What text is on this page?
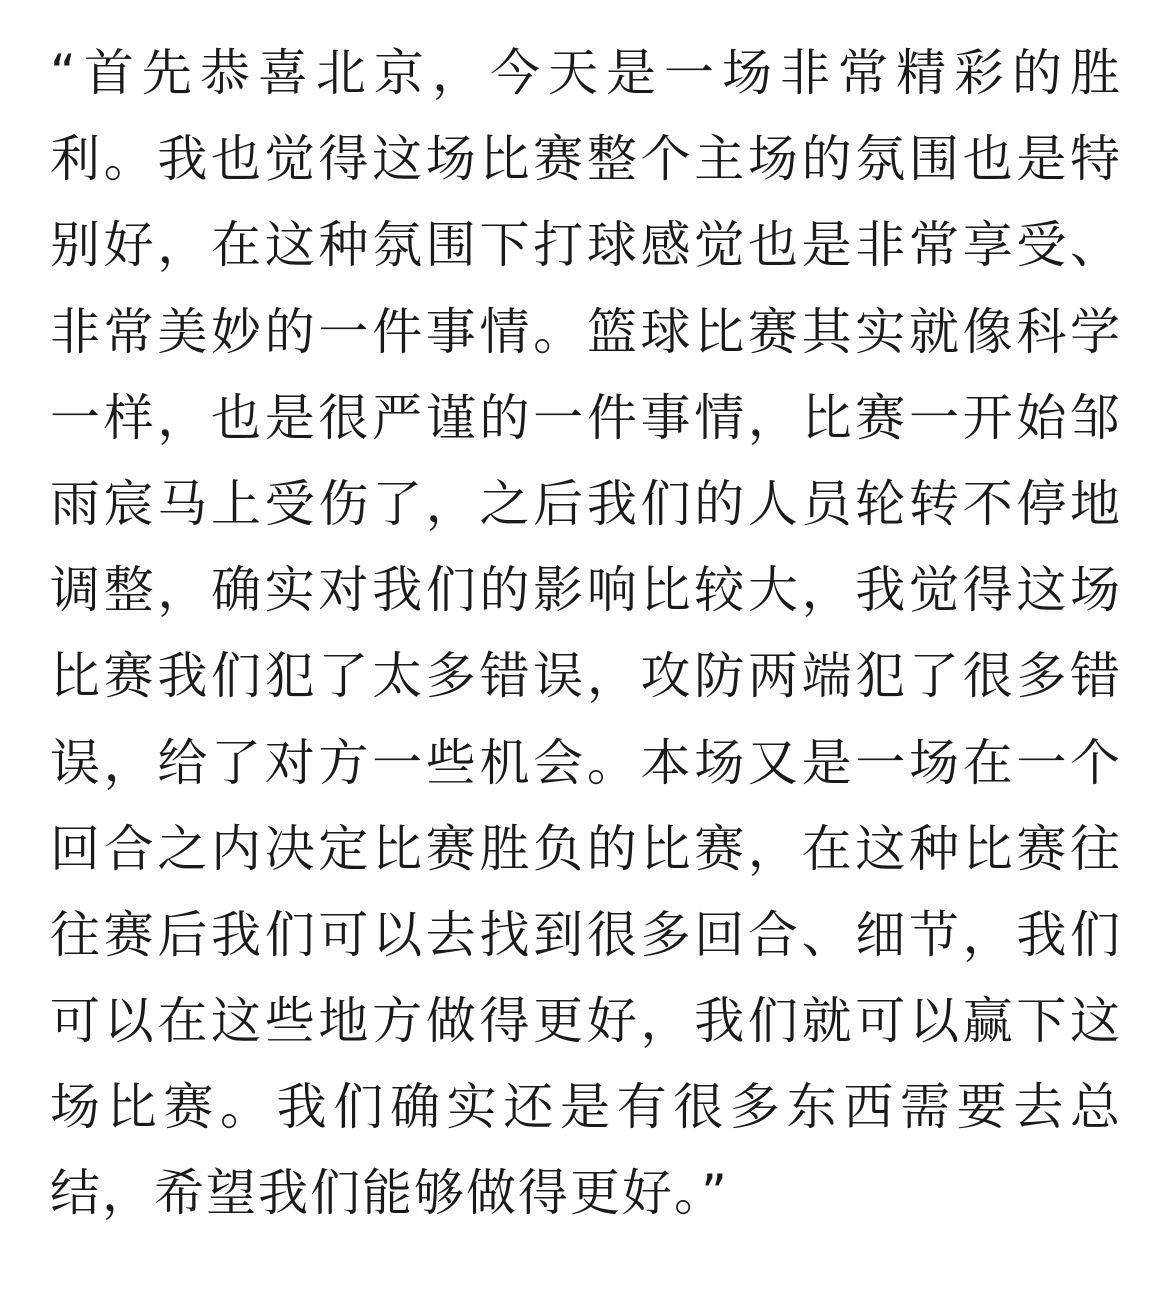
“首先恭喜北京，今天是一场非常精彩的胜
利。我也觉得这场比赛整个主场的氛围也是特
别好，在这种氛围下打球感觉也是非常享受、
非常美妙的一件事情。篮球比赛其实就像科学
一样，也是很严谨的一件事情，比赛一开始邹
雨宸马上受伤了，之后我们的人员轮转不停地
调整，确实对我们的影响比较大，我觉得这场
比赛我们犯了太多错误，攻防两端犯了很多错
误，给了对方一些机会。本场又是一场在一个
回合之内决定比赛胜负的比赛，在这种比赛往
往赛后我们可以去找到很多回合、细节，我们
可以在这些地方做得更好，我们就可以赢下这
场比赛。我们确实还是有很多东西需要去总
结，希望我们能够做得更好。”
